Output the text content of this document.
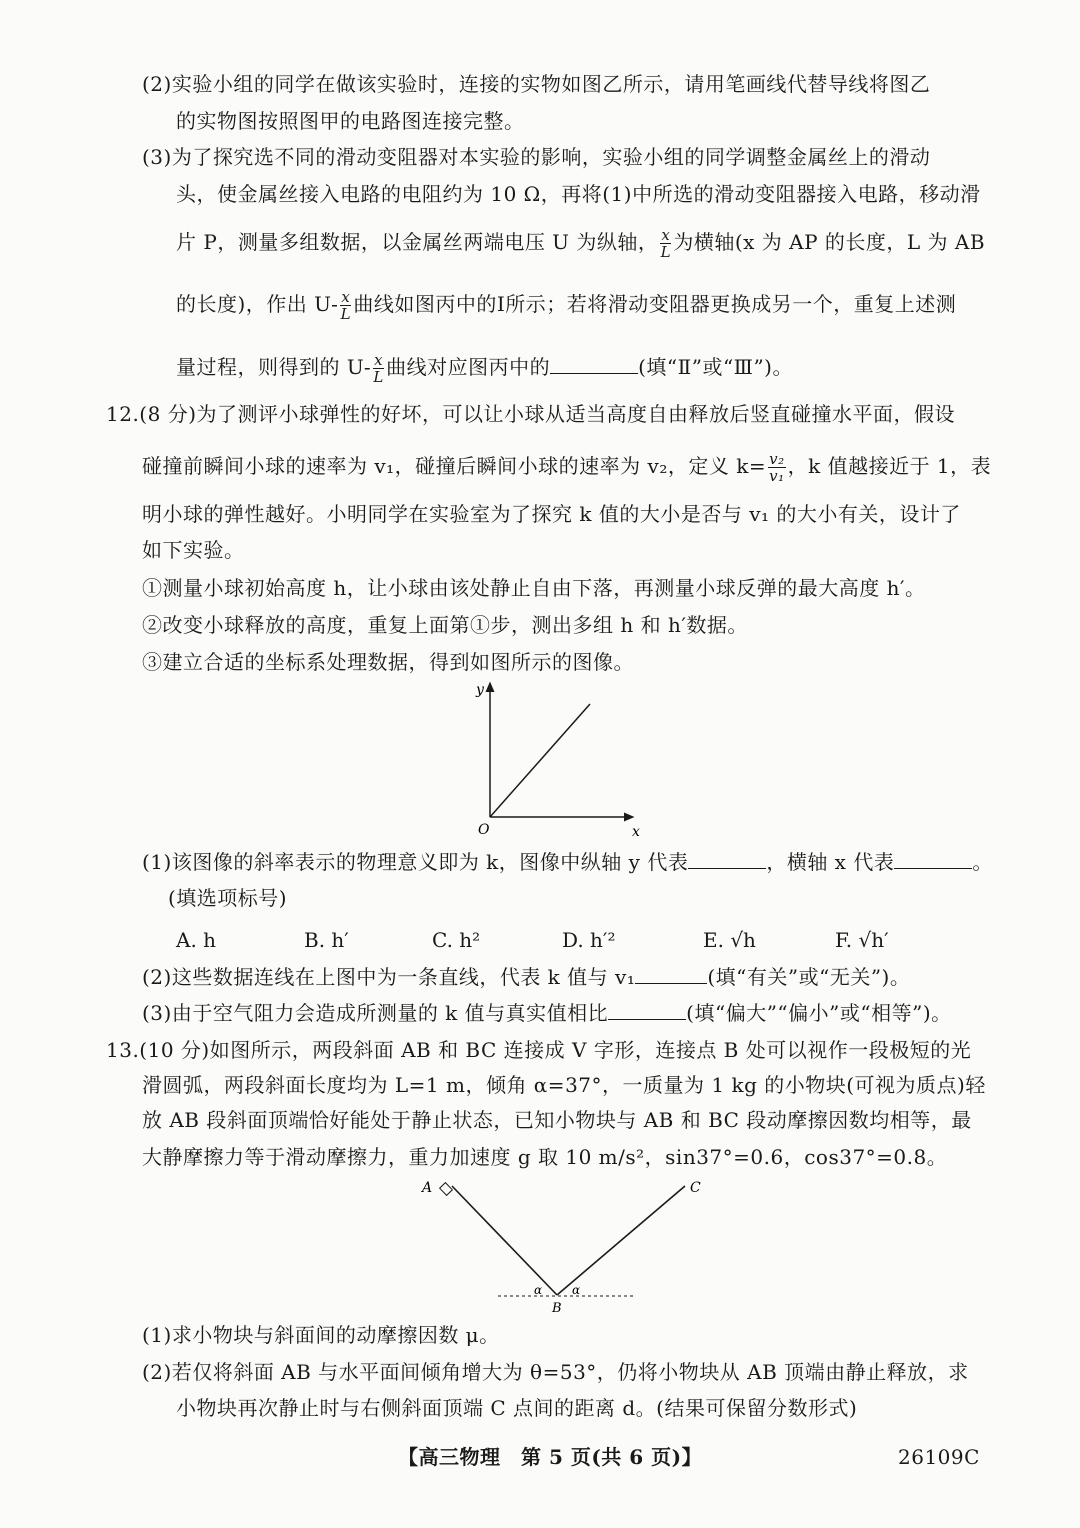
(2)实验小组的同学在做该实验时，连接的实物如图乙所示，请用笔画线代替导线将图乙
的实物图按照图甲的电路图连接完整。
(3)为了探究选不同的滑动变阻器对本实验的影响，实验小组的同学调整金属丝上的滑动
头，使金属丝接入电路的电阻约为 10 Ω，再将(1)中所选的滑动变阻器接入电路，移动滑
片 P，测量多组数据，以金属丝两端电压 U 为纵轴， $\frac{x}{L}$ 为横轴(x 为 AP 的长度，L 为 AB
的长度)，作出 $U- \frac{x}{L}$ 曲线如图丙中的Ⅰ所示；若将滑动变阻器更换成另一个，重复上述测
量过程，则得到的 $U- \frac{x}{L}$ 曲线对应图丙中的	(填“Ⅱ”或“Ⅲ”)。
12.(8 分)为了测评小球弹性的好坏，可以让小球从适当高度自由释放后竖直碰撞水平面，假设
碰撞前瞬间小球的速率为 v₁，碰撞后瞬间小球的速率为 v₂，定义 $k= \frac{\text{v₂}}{\text{v₁}}$ ，k 值越接近于 1，表
明小球的弹性越好。小明同学在实验室为了探究 k 值的大小是否与 v₁ 的大小有关，设计了
如下实验。
①测量小球初始高度 h，让小球由该处静止自由下落，再测量小球反弹的最大高度 h′。
②改变小球释放的高度，重复上面第①步，测出多组 h 和 h′数据。
③建立合适的坐标系处理数据，得到如图所示的图像。
y
x
O
(1)该图像的斜率表示的物理意义即为 k，图像中纵轴 y 代表	，横轴 x 代表	。
(填选项标号)
A. h	B. h′	C. h²	D. h′²	E. √h	F. √h′
(2)这些数据连线在上图中为一条直线，代表 k 值与 v₁	(填“有关”或“无关”)。
(3)由于空气阻力会造成所测量的 k 值与真实值相比	(填“偏大”“偏小”或“相等”)。
13.(10 分)如图所示，两段斜面 AB 和 BC 连接成 V 字形，连接点 B 处可以视作一段极短的光
滑圆弧，两段斜面长度均为 L=1 m，倾角 α=37°，一质量为 1 kg 的小物块(可视为质点)轻
放 AB 段斜面顶端恰好能处于静止状态，已知小物块与 AB 和 BC 段动摩擦因数均相等，最
大静摩擦力等于滑动摩擦力，重力加速度 g 取 10 m/s²，sin37°=0.6，cos37°=0.8。
A	C
B
α α
(1)求小物块与斜面间的动摩擦因数 μ。
(2)若仅将斜面 AB 与水平面间倾角增大为 θ=53°，仍将小物块从 AB 顶端由静止释放，求
小物块再次静止时与右侧斜面顶端 C 点间的距离 d。(结果可保留分数形式)
【高三物理　第 5 页(共 6 页)】	26109C
